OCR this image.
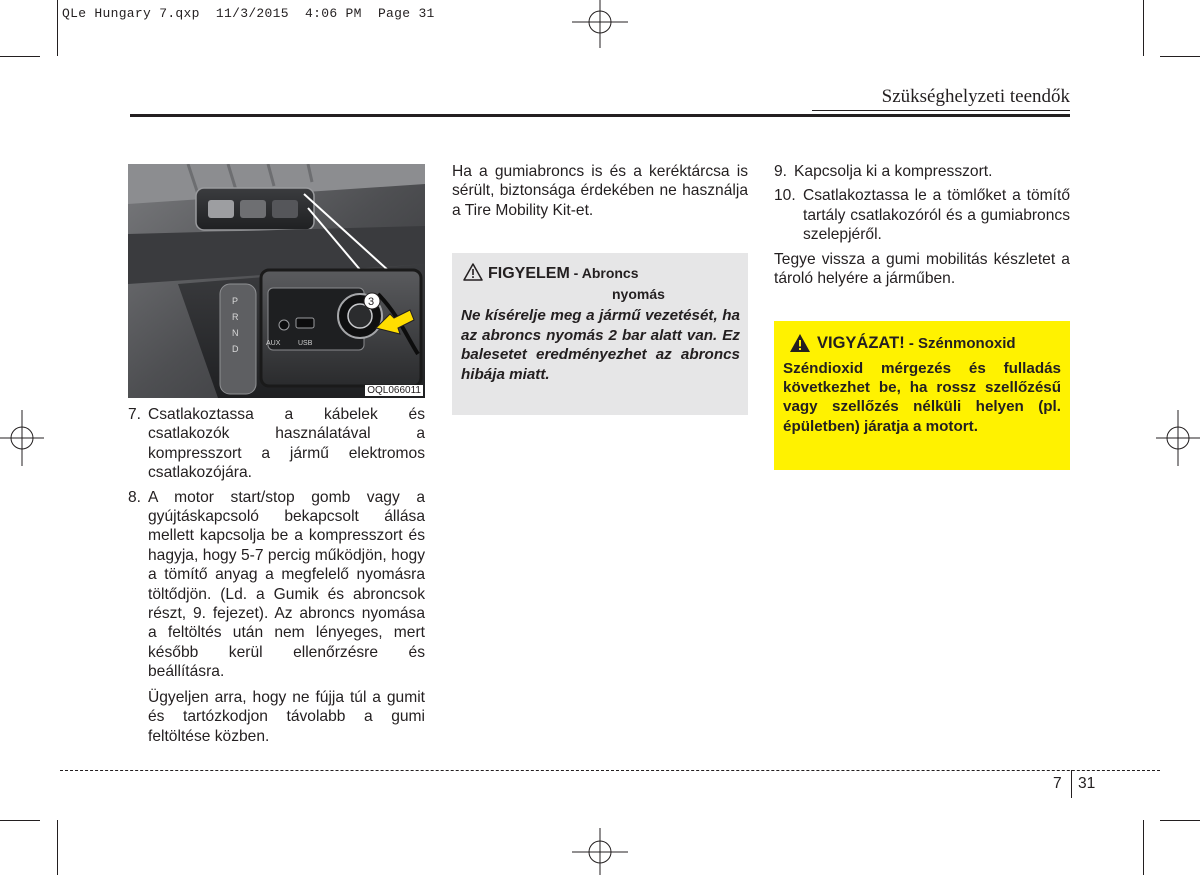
QLe Hungary 7.qxp  11/3/2015  4:06 PM  Page 31
Szükséghelyzeti teendők
P
R
N
D
AUX	USB
3
OQL066011
7. Csatlakoztassa a kábelek és csatlakozók használatával a kompresszort a jármű elektromos csatlakozójára.
8. A motor start/stop gomb vagy a gyújtáskapcsoló bekapcsolt állása mellett kapcsolja be a kompresszort és hagyja, hogy 5-7 percig működjön, hogy a tömítő anyag a megfelelő nyomásra töltődjön. (Ld. a Gumik és abroncsok részt, 9. fejezet). Az abroncs nyomása a feltöltés után nem lényeges, mert később kerül ellenőrzésre és beállításra.

Ügyeljen arra, hogy ne fújja túl a gumit és tartózkodjon távolabb a gumi feltöltése közben.

Ha a gumiabroncs is és a keréktárcsa is sérült, biztonsága érdekében ne használja a Tire Mobility Kit-et.

FIGYELEM - Abroncs
nyomás
Ne kísérelje meg a jármű vezetését, ha az abroncs nyomás 2 bar alatt van. Ez balesetet eredményezhet az abroncs hibája miatt.
9. Kapcsolja ki a kompresszort.
10. Csatlakoztassa le a tömlőket a tömítő tartály csatlakozóról és a gumiabroncs szelepjéről.

Tegye vissza a gumi mobilitás készletet a tároló helyére a járműben.

VIGYÁZAT! - Szénmonoxid
Széndioxid mérgezés és fulladás következhet be, ha rossz szellőzésű vagy szellőzés nélküli helyen (pl. épületben) járatja a motort.
7 31
